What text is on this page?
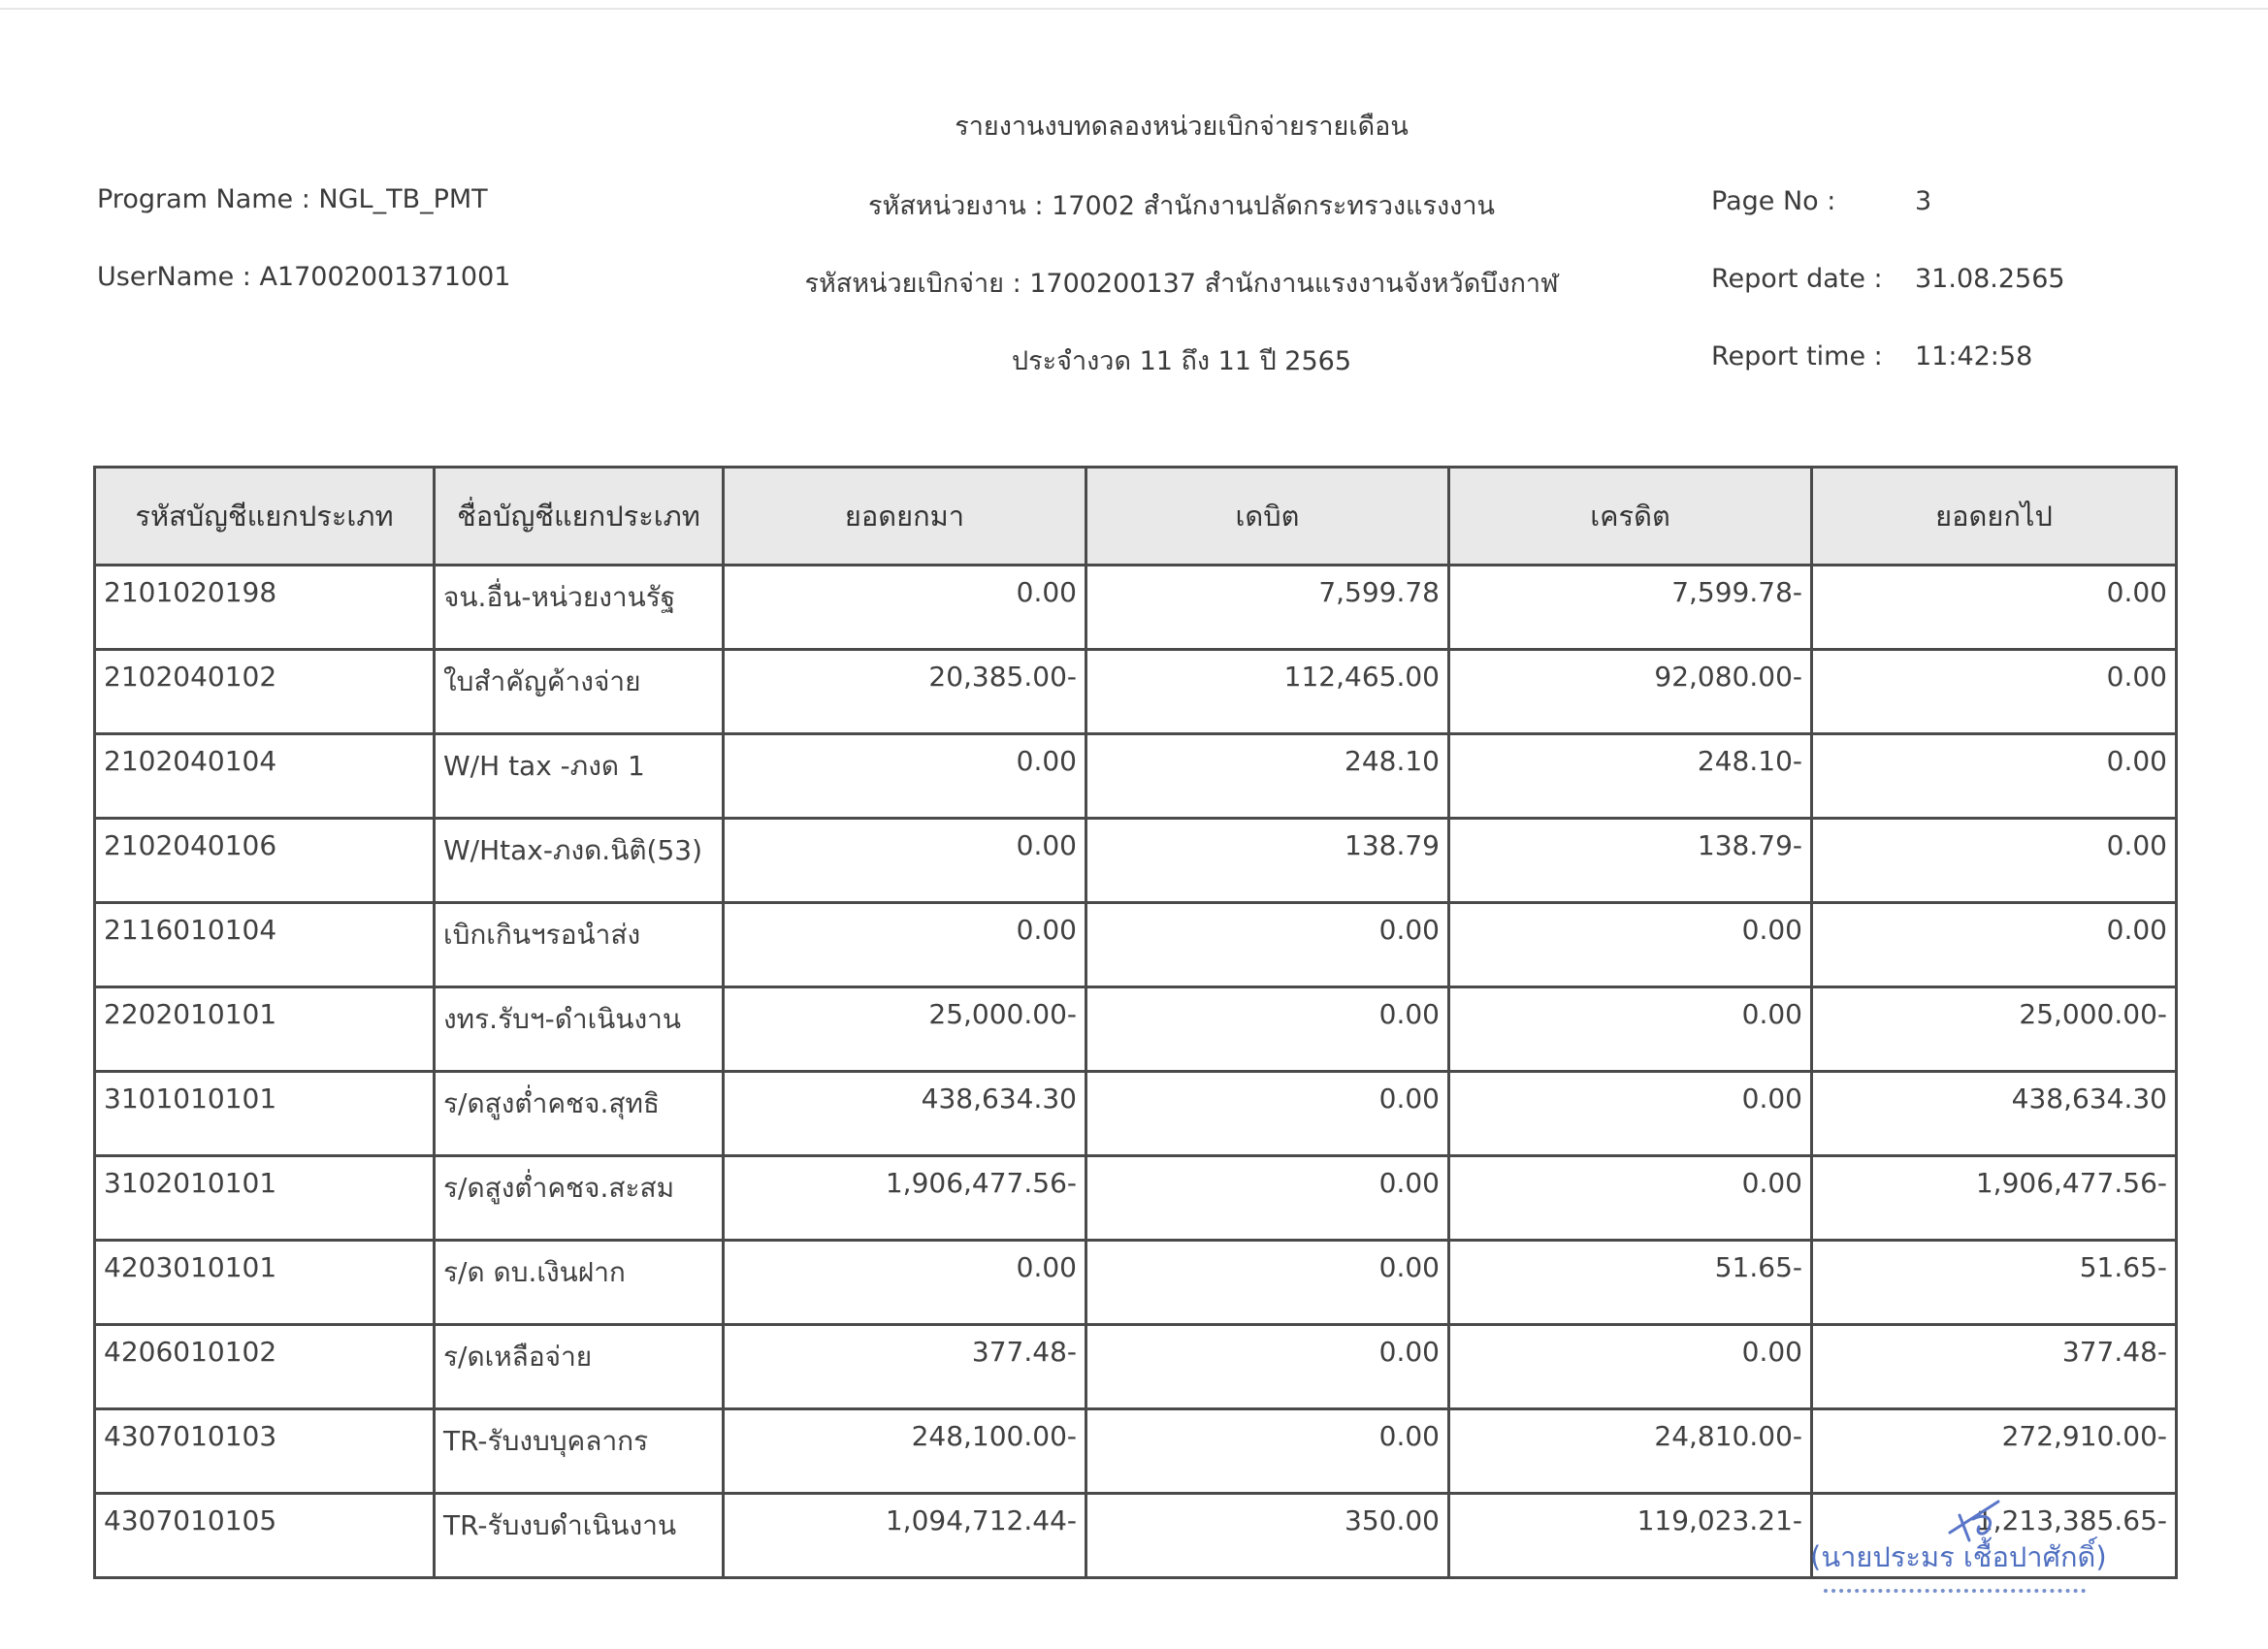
รายงานงบทดลองหน่วยเบิกจ่ายรายเดือน
Program Name : NGL_TB_PMT	รหัสหน่วยงาน : 17002 สำนักงานปลัดกระทรวงแรงงาน	Page No :	3
UserName : A17002001371001	รหัสหน่วยเบิกจ่าย : 1700200137 สำนักงานแรงงานจังหวัดบึงกาฬ	Report date : 31.08.2565
ประจำงวด 11 ถึง 11 ปี 2565	Report time : 11:42:58
รหัสบัญชีแยกประเภท	ชื่อบัญชีแยกประเภท	ยอดยกมา	เดบิต	เครดิต	ยอดยกไป
2101020198	จน.อื่น-หน่วยงานรัฐ	0.00	7,599.78	7,599.78-	0.00
2102040102	ใบสำคัญค้างจ่าย	20,385.00-	112,465.00	92,080.00-	0.00
2102040104	W/H tax -ภงด 1	0.00	248.10	248.10-	0.00
2102040106	W/Htax-ภงด.นิติ(53)	0.00	138.79	138.79-	0.00
2116010104	เบิกเกินฯรอนำส่ง	0.00	0.00	0.00	0.00
2202010101	งทร.รับฯ-ดำเนินงาน	25,000.00-	0.00	0.00	25,000.00-
3101010101	ร/ดสูงต่ำคชจ.สุทธิ	438,634.30	0.00	0.00	438,634.30
3102010101	ร/ดสูงต่ำคชจ.สะสม	1,906,477.56-	0.00	0.00	1,906,477.56-
4203010101	ร/ด ดบ.เงินฝาก	0.00	0.00	51.65-	51.65-
4206010102	ร/ดเหลือจ่าย	377.48-	0.00	0.00	377.48-
4307010103	TR-รับงบบุคลากร	248,100.00-	0.00	24,810.00-	272,910.00-
4307010105	TR-รับงบดำเนินงาน	1,094,712.44-	350.00	119,023.21-	1,213,385.65-
(นายประมร เชื้อปาศักดิ์)
